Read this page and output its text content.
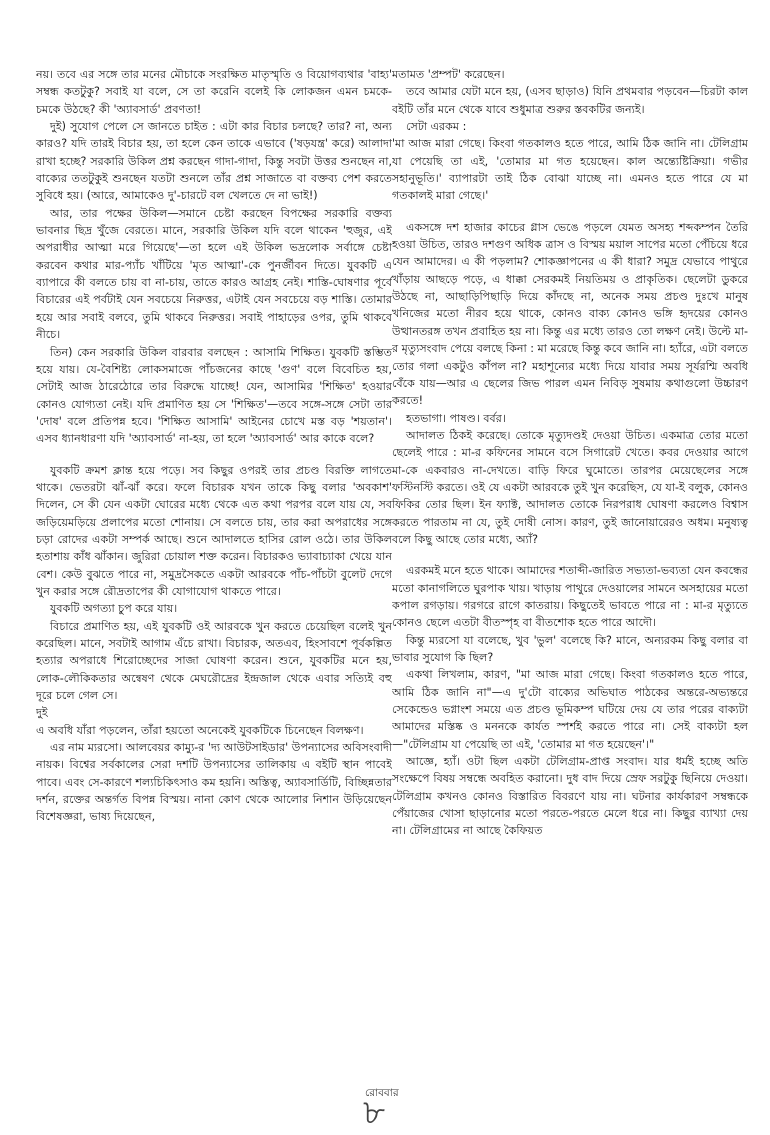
নয়। তবে এর সঙ্গে তার মনের মৌচাকে সংরক্ষিত মাতৃস্মৃতি ও বিয়োগব্যথার 'বাহ্য' সম্বন্ধ কতটুকু? সবাই যা বলে, সে তা করেনি বলেই কি লোকজন এমন চমকে-চমকে উঠছে? কী 'অ্যাবসার্ড' প্রবণতা!

দুই) সুযোগ পেলে সে জানতে চাইত : এটা কার বিচার চলছে? তার? না, অন্য কারও? যদি তারই বিচার হয়, তা হলে কেন তাকে এভাবে ('ষড়যন্ত্র' করে) আলাদা রাখা হচ্ছে? সরকারি উকিল প্রশ্ন করছেন গাদা-গাদা, কিন্তু সবটা উত্তর শুনছেন না, বাক্যের ততটুকুই শুনছেন যতটা শুনলে তাঁর প্রশ্ন সাজাতে বা বক্তব্য পেশ করতে সুবিধে হয়। (আরে, আমাকেও দু'-চারটে বল খেলতে দে না ভাই!)

আর, তার পক্ষের উকিল—সমানে চেষ্টা করছেন বিপক্ষের সরকারি বক্তব্য ভাবনার ছিদ্র খুঁজে বেরতে। মানে, সরকারি উকিল যদি বলে থাকেন 'হুজুর, এই অপরাধীর আত্মা মরে গিয়েছে'—তা হলে এই উকিল ভদ্রলোক সর্বাঙ্গে চেষ্টা করবেন কথার মার-প্যাঁচ খাঁটিয়ে 'মৃত আত্মা'-কে পুনর্জীবন দিতে। যুবকটি এ ব্যাপারে কী বলতে চায় বা না-চায়, তাতে কারও আগ্রহ নেই। শাস্তি-ঘোষণার পূর্বে বিচারের এই পর্বটাই যেন সবচেয়ে নিরুত্তর, এটাই যেন সবচেয়ে বড় শাস্তি। তোমার হয়ে আর সবাই বলবে, তুমি থাকবে নিরুত্তর। সবাই পাহাড়ের ওপর, তুমি থাকবে নীচে।

তিন) কেন সরকারি উকিল বারবার বলছেন : আসামি শিক্ষিত। যুবকটি স্তম্ভিত হয়ে যায়। যে-বৈশিষ্ট্য লোকসমাজে পাঁচজনের কাছে 'গুণ' বলে বিবেচিত হয়, সেটাই আজ ঠারেঠোরে তার বিরুদ্ধে যাচ্ছে! যেন, আসামির 'শিক্ষিত' হওয়ার কোনও যোগ্যতা নেই। যদি প্রমাণিত হয় সে 'শিক্ষিত'—তবে সঙ্গে-সঙ্গে সেটা তার 'দোষ' বলে প্রতিপন্ন হবে। 'শিক্ষিত আসামি' আইনের চোখে মস্ত বড় 'শয়তান'। এসব ধ্যানধারণা যদি 'অ্যাবসার্ড' না-হয়, তা হলে 'অ্যাবসার্ড' আর কাকে বলে?

যুবকটি ক্রমশ ক্লান্ত হয়ে পড়ে। সব কিছুর ওপরই তার প্রচণ্ড বিরক্তি লাগতে থাকে। ভেতরটা ঝাঁ-ঝাঁ করে। ফলে বিচারক যখন তাকে কিছু বলার 'অবকাশ' দিলেন, সে কী যেন একটা ঘোরের মধ্যে থেকে এত কথা পরপর বলে যায় যে, সব জড়িয়েমড়িয়ে প্রলাপের মতো শোনায়। সে বলতে চায়, তার করা অপরাধের সঙ্গে চড়া রোদের একটা সম্পর্ক আছে। শুনে আদালতে হাসির রোল ওঠে। তার উকিল হতাশায় কাঁধ ঝাঁকান। জুরিরা চোয়াল শক্ত করেন। বিচারকও ভ্যাবাচ্যাকা খেয়ে যান বেশ। কেউ বুঝতে পারে না, সমুদ্রসৈকতে একটা আরবকে পাঁচ-পাঁচটা বুলেট দেগে খুন করার সঙ্গে রৌদ্রতাপের কী যোগাযোগ থাকতে পারে।

যুবকটি অগত্যা চুপ করে যায়।

বিচারে প্রমাণিত হয়, এই যুবকটি ওই আরবকে খুন করতে চেয়েছিল বলেই খুন করেছিল। মানে, সবটাই আগাম এঁচে রাখা। বিচারক, অতএব, হিংসাবশে পূর্বকল্পিত হত্যার অপরাধে শিরোচ্ছেদের সাজা ঘোষণা করেন। শুনে, যুবকটির মনে হয়, লোক-লৌকিকতার অন্বেষণ থেকে মেঘরৌদ্রের ইন্দ্রজাল থেকে এবার সত্যিই বহু দূরে চলে গেল সে।

দুই

এ অবধি যাঁরা পড়লেন, তাঁরা হয়তো অনেকেই যুবকটিকে চিনেছেন বিলক্ষণ।

এর নাম ম্যরসো। আলবেয়র কাম্যু-র 'দ্য আউটসাইডার' উপন্যাসের অবিসংবাদী নায়ক। বিশ্বের সর্বকালের সেরা দশটি উপন্যাসের তালিকায় এ বইটি স্থান পাবেই পাবে। এবং সে-কারণে শল্যচিকিৎসাও কম হয়নি। অস্তিত্ব, অ্যাবসার্ডিটি, বিচ্ছিন্নতার দর্শন, রক্তের অন্তর্গত বিপন্ন বিস্ময়। নানা কোণ থেকে আলোর নিশান উড়িয়েছেন বিশেষজ্ঞরা, ভাষ্য দিয়েছেন,

মতামত 'প্রম্পট' করেছেন।

তবে আমার যেটা মনে হয়, (এসব ছাড়াও) যিনি প্রথমবার পড়বেন—চিরটা কাল বইটি তাঁর মনে থেকে যাবে শুধুমাত্র শুরুর স্তবকটির জন্যই।

সেটা এরকম :

'মা আজ মারা গেছে। কিংবা গতকালও হতে পারে, আমি ঠিক জানি না। টেলিগ্রাম যা পেয়েছি তা এই, 'তোমার মা গত হয়েছেন। কাল অন্ত্যেষ্টিক্রিয়া। গভীর সহানুভূতি।' ব্যাপারটা তাই ঠিক বোঝা যাচ্ছে না। এমনও হতে পারে যে মা গতকালই মারা গেছে।'

একসঙ্গে দশ হাজার কাচের গ্লাস ভেঙে পড়লে যেমত অসহ্য শব্দকম্পন তৈরি হওয়া উচিত, তারও দশগুণ অধিক ত্রাস ও বিস্ময় ময়াল সাপের মতো পেঁচিয়ে ধরে যেন আমাদের। এ কী পড়লাম? শোকজ্ঞাপনের এ কী ধারা? সমুদ্র যেভাবে পাথুরে খাঁড়ায় আছড়ে পড়ে, এ ধাক্কা সেরকমই নিয়তিময় ও প্রাকৃতিক। ছেলেটা ডুকরে উঠছে না, আছাড়িপিছাড়ি দিয়ে কাঁদছে না, অনেক সময় প্রচণ্ড দুঃখে মানুষ খনিজের মতো নীরব হয়ে থাকে, কোনও বাক্য কোনও ভঙ্গি হৃদয়ের কোনও উত্থানতরঙ্গ তখন প্রবাহিত হয় না। কিন্তু এর মধ্যে তারও তো লক্ষণ নেই। উল্টে মা-র মৃত্যুসংবাদ পেয়ে বলছে কিনা : মা মরেছে কিন্তু কবে জানি না। হ্যাঁরে, এটা বলতে তোর গলা একটুও কাঁপল না? মহাশূন্যের মধ্যে দিয়ে যাবার সময় সূর্যরশ্মি অবধি বেঁকে যায়—আর এ ছেলের জিভ পারল এমন নিবিড় সুষমায় কথাগুলো উচ্চারণ করতে!

হতভাগা। পাষণ্ড। বর্বর।

আদালত ঠিকই করেছে। তোকে মৃত্যুদণ্ডই দেওয়া উচিত। একমাত্র তোর মতো ছেলেই পারে : মা-র কফিনের সামনে বসে সিগারেট খেতে। কবর দেওয়ার আগে মা-কে একবারও না-দেখতে। বাড়ি ফিরে ঘুমোতে। তারপর মেয়েছেলের সঙ্গে ফস্টিনস্টি করতে। ওই যে একটা আরবকে তুই খুন করেছিস, যে যা-ই বলুক, কোনও ফিকির তোর ছিল। ইন ফ্যাক্ট, আদালত তোকে নিরপরাধ ঘোষণা করলেও বিশ্বাস করতে পারতাম না যে, তুই দোষী নোস। কারণ, তুই জানোয়ারেরও অধম। মনুষ্যত্ব বলে কিছু আছে তোর মধ্যে, অ্যাঁ?

এরকমই মনে হতে থাকে। আমাদের শতাব্দী-জারিত সভ্যতা-ভব্যতা যেন কবন্ধের মতো কানাগলিতে ঘুরপাক খায়। খাড়ায় পাথুরে দেওয়ালের সামনে অসহায়ের মতো কপাল রগড়ায়। গরগরে রাগে কাতরায়। কিছুতেই ভাবতে পারে না : মা-র মৃত্যুতে কোনও ছেলে এতটা বীতস্পৃহ বা বীতশোক হতে পারে আদৌ।

কিন্তু ম্যরসো যা বলেছে, খুব 'ভুল' বলেছে কি? মানে, অন্যরকম কিছু বলার বা ভাবার সুযোগ কি ছিল?

একথা লিখলাম, কারণ, "মা আজ মারা গেছে। কিংবা গতকালও হতে পারে, আমি ঠিক জানি না"—এ দু'টো বাক্যের অভিঘাত পাঠকের অন্তরে-অভ্যন্তরে সেকেন্ডেও ভগ্নাংশ সময়ে এত প্রচণ্ড ভূমিকম্প ঘটিয়ে দেয় যে তার পরের বাক্যটা আমাদের মস্তিষ্ক ও মননকে কার্যত স্পর্শই করতে পারে না। সেই বাক্যটা হল—"টেলিগ্রাম যা পেয়েছি তা এই, 'তোমার মা গত হয়েছেন'।"

আজ্ঞে, হ্যাঁ। ওটা ছিল একটা টেলিগ্রাম-প্রাপ্ত সংবাদ। যার ধর্মই হচ্ছে অতি সংক্ষেপে বিষয় সম্বন্ধে অবহিত করানো। দুধ বাদ দিয়ে স্রেফ সরটুকু ছিনিয়ে দেওয়া। টেলিগ্রাম কখনও কোনও বিস্তারিত বিবরণে যায় না। ঘটনার কার্যকারণ সম্বন্ধকে পেঁয়াজের খোসা ছাড়ানোর মতো পরতে-পরতে মেলে ধরে না। কিছুর ব্যাখ্যা দেয় না। টেলিগ্রামের না আছে কৈফিয়ত

রোববার
৮
